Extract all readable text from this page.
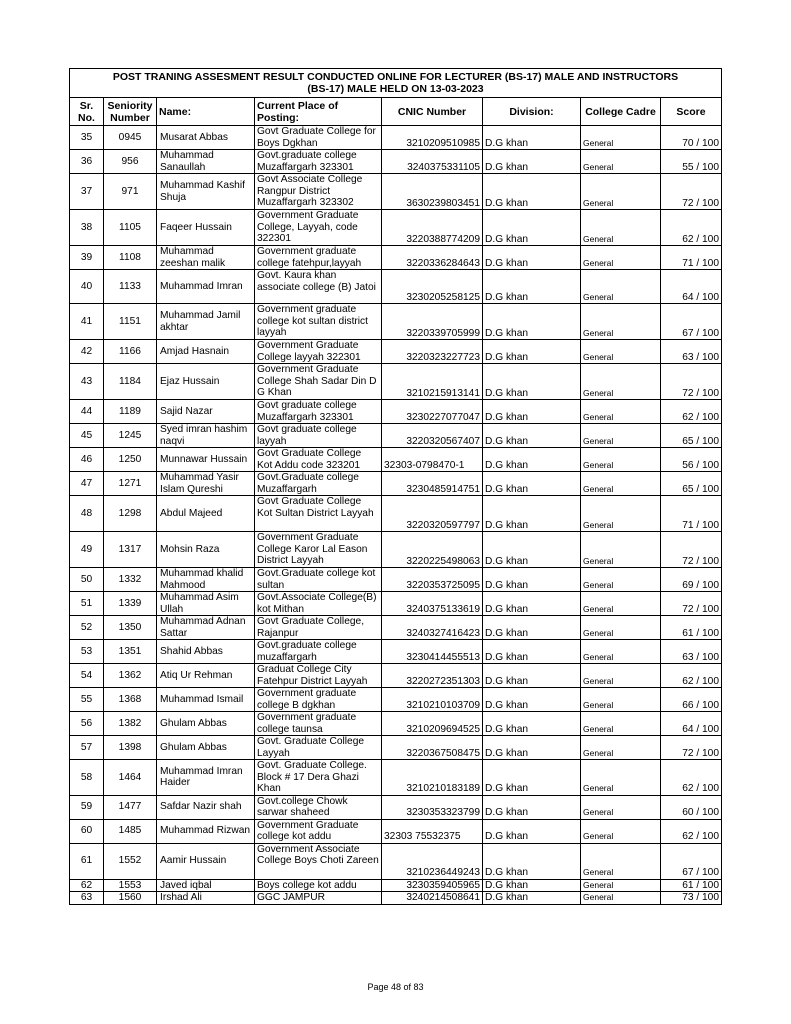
POST TRANING ASSESMENT RESULT CONDUCTED ONLINE FOR LECTURER (BS-17) MALE AND INSTRUCTORS
(BS-17) MALE HELD ON 13-03-2023							

Sr. No.	Seniority Number	Name:	Current Place of Posting:	CNIC Number	Division:	College Cadre	Score
35	0945	Musarat Abbas	Govt Graduate College for Boys Dgkhan	3210209510985	D.G khan	General	70 / 100
36	956	Muhammad Sanaullah	Govt.graduate college Muzaffargarh 323301	3240375331105	D.G khan	General	55 / 100
37	971	Muhammad Kashif Shuja	Govt Associate College Rangpur District Muzaffargarh 323302	3630239803451	D.G khan	General	72 / 100
38	1105	Faqeer Hussain	Government Graduate College, Layyah, code 322301	3220388774209	D.G khan	General	62 / 100
39	1108	Muhammad zeeshan malik	Government graduate college fatehpur,layyah	3220336284643	D.G khan	General	71 / 100
40	1133	Muhammad Imran	Govt. Kaura khan associate college (B) Jatoi	3230205258125	D.G khan	General	64 / 100
41	1151	Muhammad Jamil akhtar	Government graduate college kot sultan district layyah	3220339705999	D.G khan	General	67 / 100
42	1166	Amjad Hasnain	Government Graduate College layyah 322301	3220323227723	D.G khan	General	63 / 100
43	1184	Ejaz Hussain	Government Graduate College Shah Sadar Din D G Khan	3210215913141	D.G khan	General	72 / 100
44	1189	Sajid Nazar	Govt graduate college Muzaffargarh 323301	3230227077047	D.G khan	General	62 / 100
45	1245	Syed imran hashim naqvi	Govt graduate college layyah	3220320567407	D.G khan	General	65 / 100
46	1250	Munnawar Hussain	Govt Graduate College Kot Addu code 323201	32303-0798470-1	D.G khan	General	56 / 100
47	1271	Muhammad Yasir Islam Qureshi	Govt.Graduate college Muzaffargarh	3230485914751	D.G khan	General	65 / 100
48	1298	Abdul Majeed	Govt Graduate College Kot Sultan District Layyah	3220320597797	D.G khan	General	71 / 100
49	1317	Mohsin Raza	Government Graduate College Karor Lal Eason District Layyah	3220225498063	D.G khan	General	72 / 100
50	1332	Muhammad khalid Mahmood	Govt.Graduate college kot sultan	3220353725095	D.G khan	General	69 / 100
51	1339	Muhammad Asim Ullah	Govt.Associate College(B) kot Mithan	3240375133619	D.G khan	General	72 / 100
52	1350	Muhammad Adnan Sattar	Govt Graduate College, Rajanpur	3240327416423	D.G khan	General	61 / 100
53	1351	Shahid Abbas	Govt.graduate college muzaffargarh	3230414455513	D.G khan	General	63 / 100
54	1362	Atiq Ur Rehman	Graduat College City Fatehpur District Layyah	3220272351303	D.G khan	General	62 / 100
55	1368	Muhammad Ismail	Government graduate college B dgkhan	3210210103709	D.G khan	General	66 / 100
56	1382	Ghulam Abbas	Government graduate college taunsa	3210209694525	D.G khan	General	64 / 100
57	1398	Ghulam Abbas	Govt. Graduate College Layyah	3220367508475	D.G khan	General	72 / 100
58	1464	Muhammad Imran Haider	Govt. Graduate College. Block # 17 Dera Ghazi Khan	3210210183189	D.G khan	General	62 / 100
59	1477	Safdar Nazir shah	Govt.college Chowk sarwar shaheed	3230353323799	D.G khan	General	60 / 100
60	1485	Muhammad Rizwan	Government Graduate college kot addu	32303 75532375	D.G khan	General	62 / 100
61	1552	Aamir Hussain	Government Associate College Boys Choti Zareen	3210236449243	D.G khan	General	67 / 100
62	1553	Javed iqbal	Boys college kot addu	3230359405965	D.G khan	General	61 / 100
63	1560	Irshad Ali	GGC JAMPUR	3240214508641	D.G khan	General	73 / 100
Page 48 of 83
